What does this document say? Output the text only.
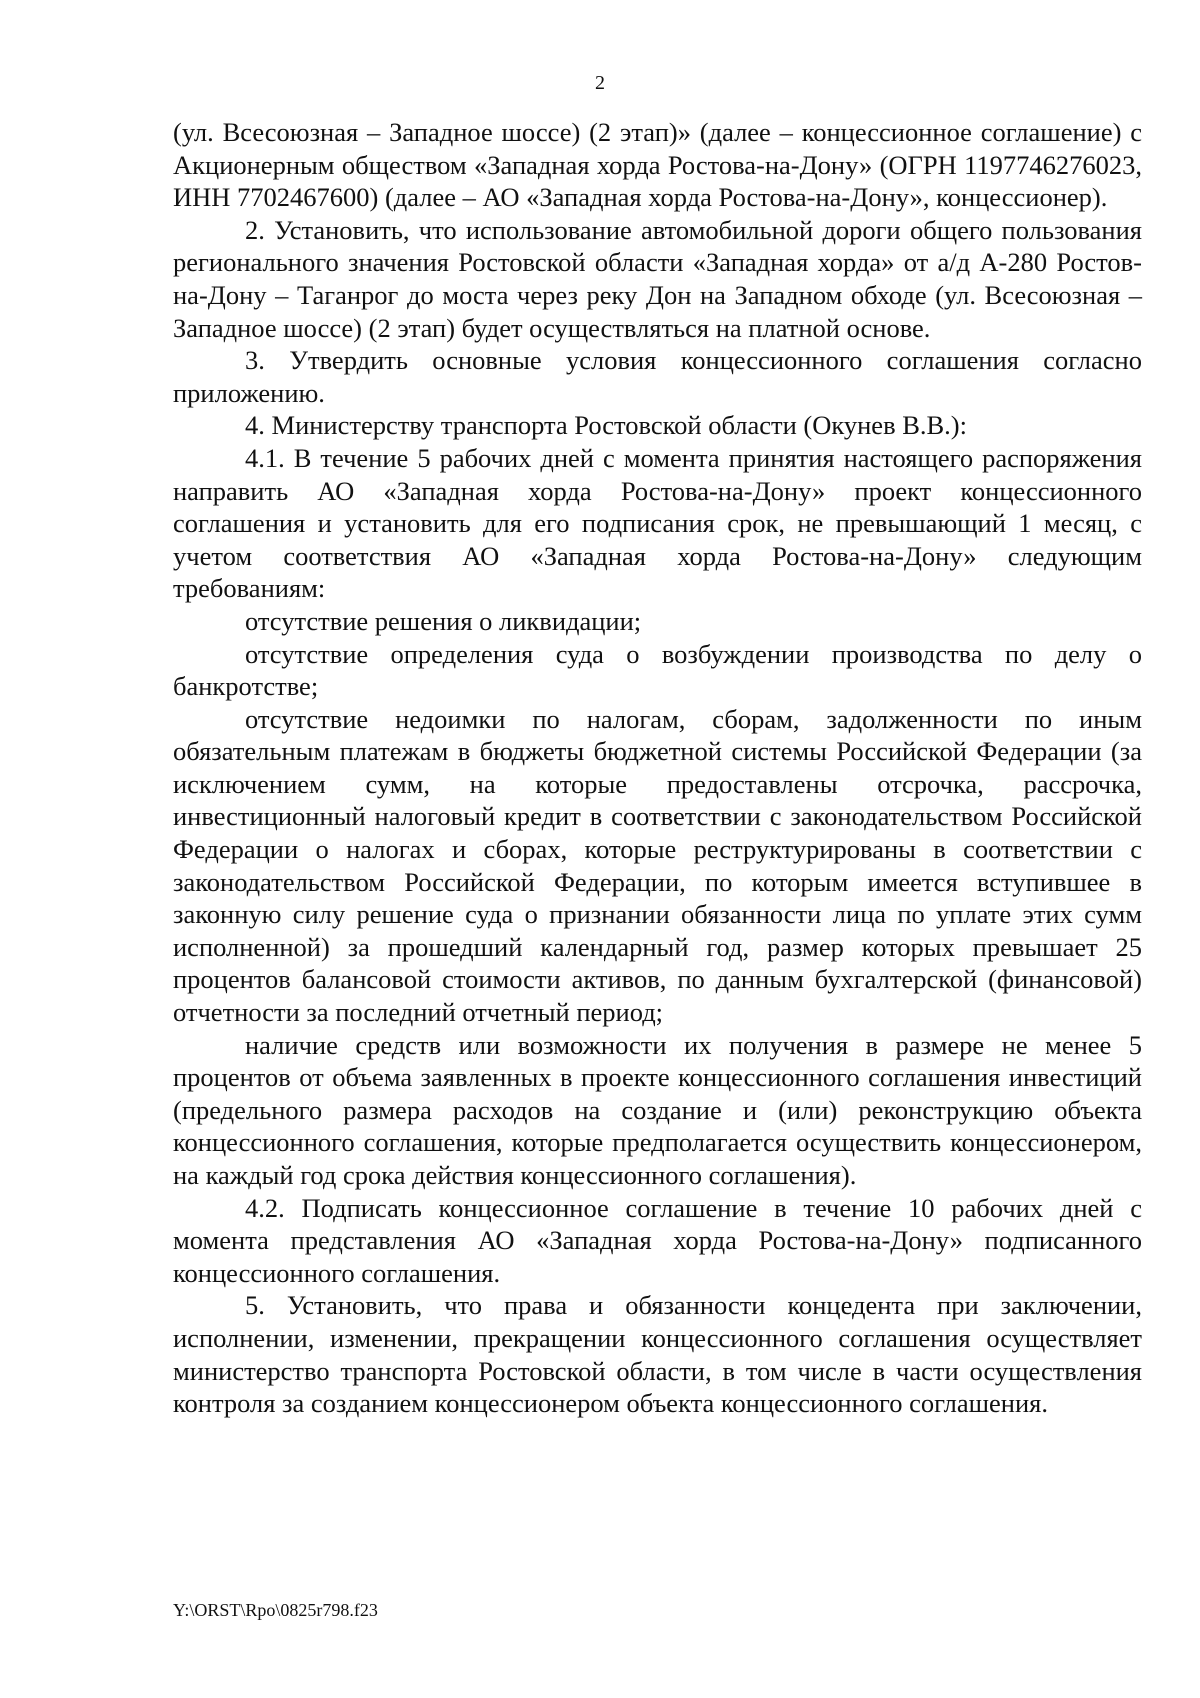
2

(ул. Всесоюзная – Западное шоссе) (2 этап)» (далее – концессионное соглашение) с Акционерным обществом «Западная хорда Ростова-на-Дону» (ОГРН 1197746276023, ИНН 7702467600) (далее – АО «Западная хорда Ростова-на-Дону», концессионер).

2. Установить, что использование автомобильной дороги общего пользования регионального значения Ростовской области «Западная хорда» от а/д А-280 Ростов-на-Дону – Таганрог до моста через реку Дон на Западном обходе (ул. Всесоюзная – Западное шоссе) (2 этап) будет осуществляться на платной основе.

3. Утвердить основные условия концессионного соглашения согласно приложению.

4. Министерству транспорта Ростовской области (Окунев В.В.):

4.1. В течение 5 рабочих дней с момента принятия настоящего распоряжения направить АО «Западная хорда Ростова-на-Дону» проект концессионного соглашения и установить для его подписания срок, не превышающий 1 месяц, с учетом соответствия АО «Западная хорда Ростова-на-Дону» следующим требованиям:

отсутствие решения о ликвидации;

отсутствие определения суда о возбуждении производства по делу о банкротстве;

отсутствие недоимки по налогам, сборам, задолженности по иным обязательным платежам в бюджеты бюджетной системы Российской Федерации (за исключением сумм, на которые предоставлены отсрочка, рассрочка, инвестиционный налоговый кредит в соответствии с законодательством Российской Федерации о налогах и сборах, которые реструктурированы в соответствии с законодательством Российской Федерации, по которым имеется вступившее в законную силу решение суда о признании обязанности лица по уплате этих сумм исполненной) за прошедший календарный год, размер которых превышает 25 процентов балансовой стоимости активов, по данным бухгалтерской (финансовой) отчетности за последний отчетный период;

наличие средств или возможности их получения в размере не менее 5 процентов от объема заявленных в проекте концессионного соглашения инвестиций (предельного размера расходов на создание и (или) реконструкцию объекта концессионного соглашения, которые предполагается осуществить концессионером, на каждый год срока действия концессионного соглашения).

4.2. Подписать концессионное соглашение в течение 10 рабочих дней с момента представления АО «Западная хорда Ростова-на-Дону» подписанного концессионного соглашения.

5. Установить, что права и обязанности концедента при заключении, исполнении, изменении, прекращении концессионного соглашения осуществляет министерство транспорта Ростовской области, в том числе в части осуществления контроля за созданием концессионером объекта концессионного соглашения.

Y:\ORST\Rpo\0825r798.f23
